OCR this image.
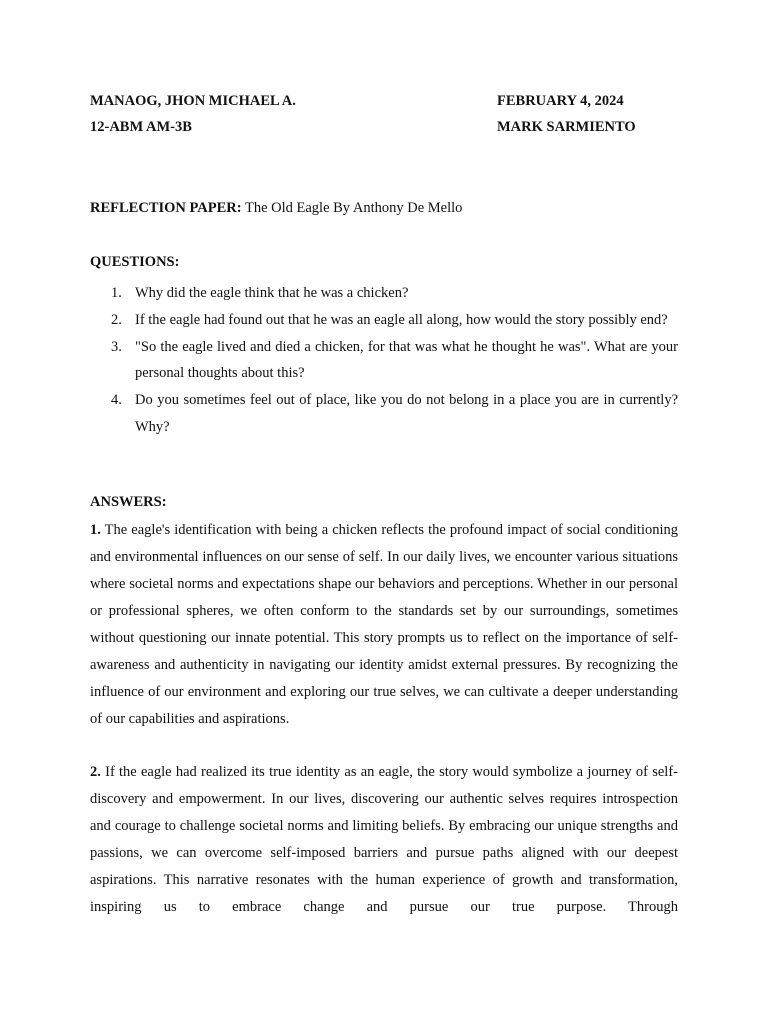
MANAOG, JHON MICHAEL A.	FEBRUARY 4, 2024
12-ABM AM-3B	MARK SARMIENTO
REFLECTION PAPER: The Old Eagle By Anthony De Mello
QUESTIONS:
1. Why did the eagle think that he was a chicken?
2. If the eagle had found out that he was an eagle all along, how would the story possibly end?
3. "So the eagle lived and died a chicken, for that was what he thought he was". What are your personal thoughts about this?
4. Do you sometimes feel out of place, like you do not belong in a place you are in currently? Why?
ANSWERS:

1. The eagle's identification with being a chicken reflects the profound impact of social conditioning and environmental influences on our sense of self. In our daily lives, we encounter various situations where societal norms and expectations shape our behaviors and perceptions. Whether in our personal or professional spheres, we often conform to the standards set by our surroundings, sometimes without questioning our innate potential. This story prompts us to reflect on the importance of self-awareness and authenticity in navigating our identity amidst external pressures. By recognizing the influence of our environment and exploring our true selves, we can cultivate a deeper understanding of our capabilities and aspirations.

2. If the eagle had realized its true identity as an eagle, the story would symbolize a journey of self-discovery and empowerment. In our lives, discovering our authentic selves requires introspection and courage to challenge societal norms and limiting beliefs. By embracing our unique strengths and passions, we can overcome self-imposed barriers and pursue paths aligned with our deepest aspirations. This narrative resonates with the human experience of growth and transformation, inspiring us to embrace change and pursue our true purpose. Through
